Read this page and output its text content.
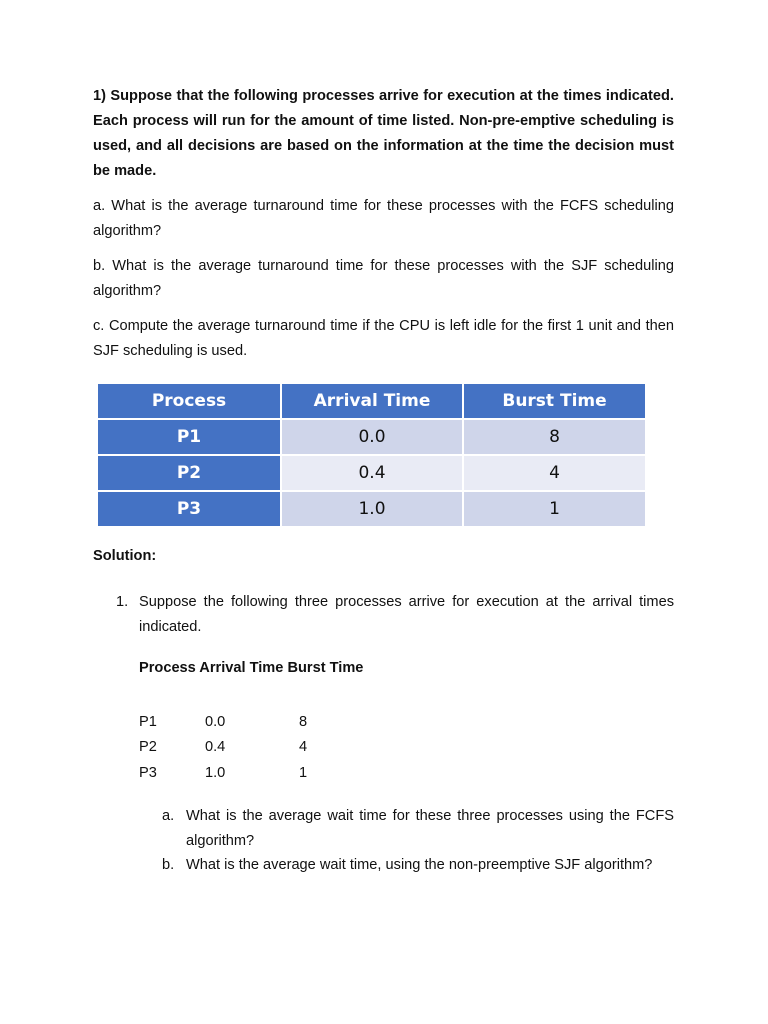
1) Suppose that the following processes arrive for execution at the times indicated. Each process will run for the amount of time listed. Non-pre-emptive scheduling is used, and all decisions are based on the information at the time the decision must be made.

a. What is the average turnaround time for these processes with the FCFS scheduling algorithm?

b. What is the average turnaround time for these processes with the SJF scheduling algorithm?

c. Compute the average turnaround time if the CPU is left idle for the first 1 unit and then SJF scheduling is used.

Process	Arrival Time	Burst Time
P1	0.0	8
P2	0.4	4
P3	1.0	1
Solution:
1. Suppose the following three processes arrive for execution at the arrival times indicated.
Process Arrival Time Burst Time
P1	0.0	8
P2	0.4	4
P3	1.0	1
a. What is the average wait time for these three processes using the FCFS algorithm?
b. What is the average wait time, using the non-preemptive SJF algorithm?
